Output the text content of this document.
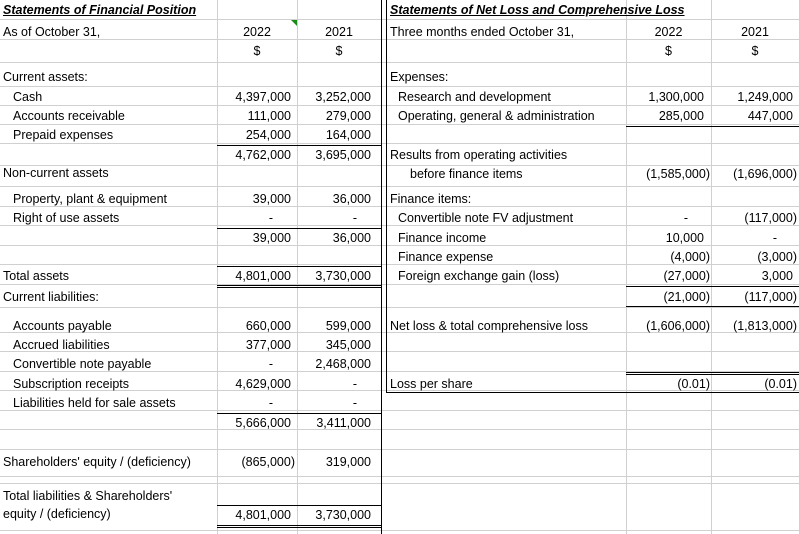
Statements of Financial Position
As of October 31,	2022	2021
$	$
Current assets:
Cash	4,397,000	3,252,000
Accounts receivable	111,000	279,000
Prepaid expenses	254,000	164,000
4,762,000	3,695,000
Non-current assets
Property, plant & equipment	39,000	36,000
Right of use assets	-	-
39,000	36,000
Total assets	4,801,000	3,730,000
Current liabilities:
Accounts payable	660,000	599,000
Accrued liabilities	377,000	345,000
Convertible note payable	-	2,468,000
Subscription receipts	4,629,000	-
Liabilities held for sale assets	-	-
5,666,000	3,411,000
Shareholders' equity / (deficiency)	(865,000)	319,000
Total liabilities & Shareholders'
equity / (deficiency)	4,801,000	3,730,000
Statements of Net Loss and Comprehensive Loss
Three months ended October 31,	2022	2021
$	$
Expenses:
Research and development	1,300,000	1,249,000
Operating, general & administration	285,000	447,000
Results from operating activities
before finance items	(1,585,000)	(1,696,000)
Finance items:
Convertible note FV adjustment	-	(117,000)
Finance income	10,000	-
Finance expense	(4,000)	(3,000)
Foreign exchange gain (loss)	(27,000)	3,000
(21,000)	(117,000)
Net loss & total comprehensive loss	(1,606,000)	(1,813,000)
Loss per share	(0.01)	(0.01)
